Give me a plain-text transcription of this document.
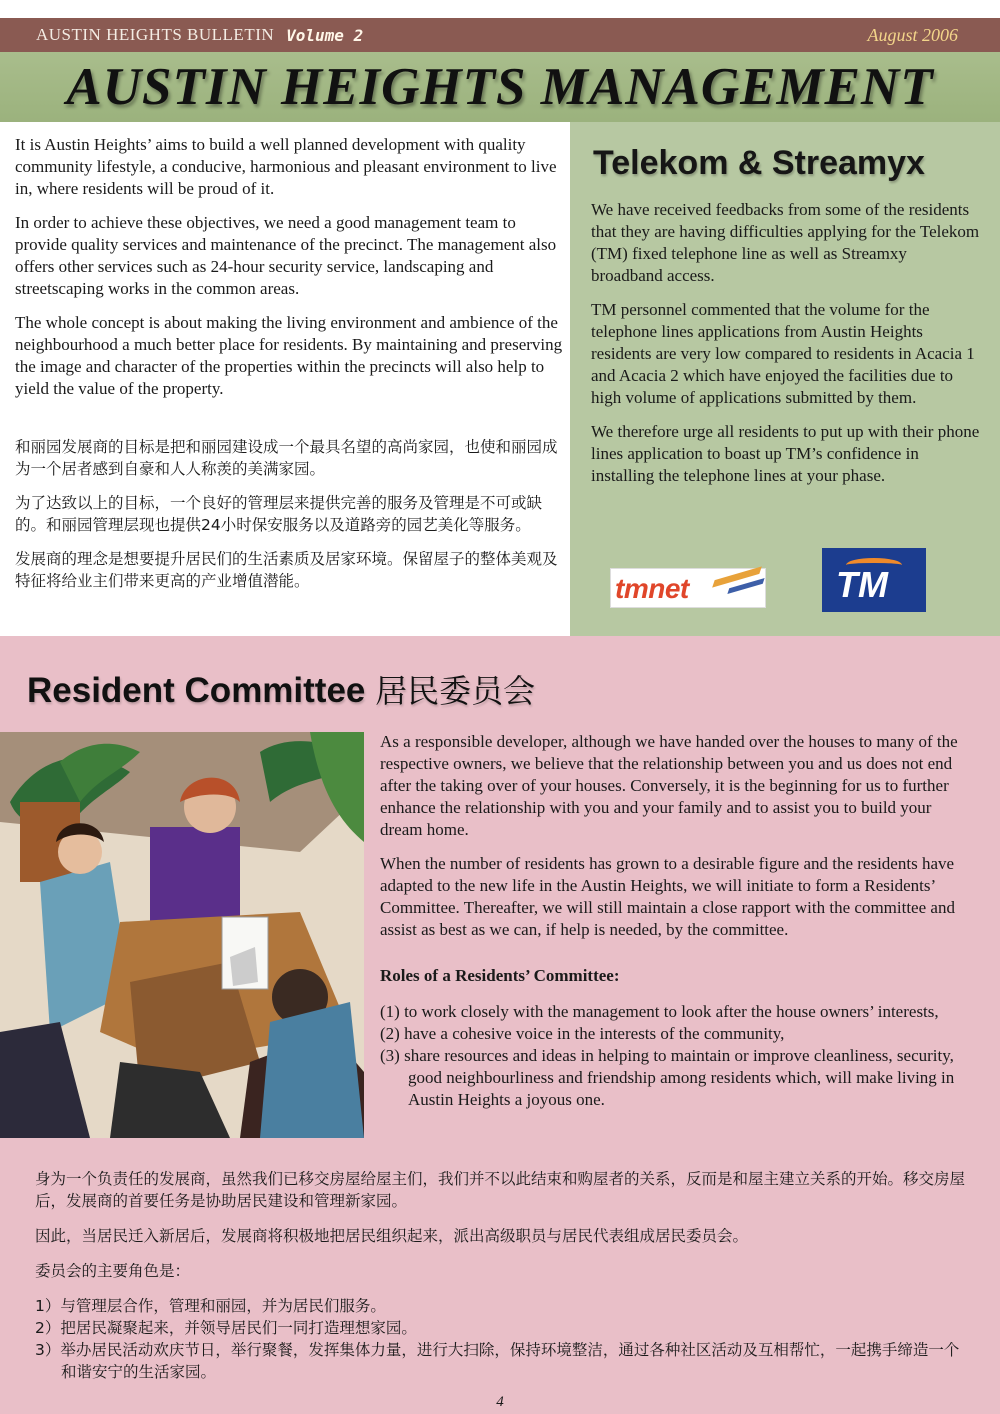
AUSTIN HEIGHTS BULLETIN Volume 2	August 2006
AUSTIN HEIGHTS MANAGEMENT

It is Austin Heights’ aims to build a well planned development with quality community lifestyle, a conducive, harmonious and pleasant environment to live in, where residents will be proud of it.

In order to achieve these objectives, we need a good management team to provide quality services and maintenance of the precinct. The management also offers other services such as 24-hour security service, landscaping and streetscaping works in the common areas.

The whole concept is about making the living environment and ambience of the neighbourhood a much better place for residents. By maintaining and preserving the image and character of the properties within the precincts will also help to yield the value of the property.

和丽园发展商的目标是把和丽园建设成一个最具名望的高尚家园，也使和丽园成为一个居者感到自豪和人人称羡的美满家园。

为了达致以上的目标，一个良好的管理层来提供完善的服务及管理是不可或缺的。和丽园管理层现也提供24小时保安服务以及道路旁的园艺美化等服务。

发展商的理念是想要提升居民们的生活素质及居家环境。保留屋子的整体美观及特征将给业主们带来更高的产业增值潜能。

Telekom & Streamyx

We have received feedbacks from some of the residents that they are having difficulties applying for the Telekom (TM) fixed telephone line as well as Streamxy broadband access.

TM personnel commented that the volume for the telephone lines applications from Austin Heights residents are very low compared to residents in Acacia 1 and Acacia 2 which have enjoyed the facilities due to high volume of applications submitted by them.

We therefore urge all residents to put up with their phone lines application to boast up TM’s confidence in installing the telephone lines at your phase.

tmnet	TM
Resident Committee 居民委员会

As a responsible developer, although we have handed over the houses to many of the respective owners, we believe that the relationship between you and us does not end after the taking over of your houses. Conversely, it is the beginning for us to further enhance the relationship with you and your family and to assist you to build your dream home.

When the number of residents has grown to a desirable figure and the residents have adapted to the new life in the Austin Heights, we will initiate to form a Residents’ Committee. Thereafter, we will still maintain a close rapport with the committee and assist as best as we can, if help is needed, by the committee.

Roles of a Residents’ Committee:

(1) to work closely with the management to look after the house owners’ interests,
(2) have a cohesive voice in the interests of the community,
(3) share resources and ideas in helping to maintain or improve cleanliness, security, good neighbourliness and friendship among residents which, will make living in Austin Heights a joyous one.

身为一个负责任的发展商，虽然我们已移交房屋给屋主们，我们并不以此结束和购屋者的关系，反而是和屋主建立关系的开始。移交房屋后，发展商的首要任务是协助居民建设和管理新家园。

因此，当居民迁入新居后，发展商将积极地把居民组织起来，派出高级职员与居民代表组成居民委员会。

委员会的主要角色是：

1）与管理层合作，管理和丽园，并为居民们服务。
2）把居民凝聚起来，并领导居民们一同打造理想家园。
3）举办居民活动欢庆节日，举行聚餐，发挥集体力量，进行大扫除，保持环境整洁，通过各种社区活动及互相帮忙，一起携手缔造一个和谐安宁的生活家园。
4
